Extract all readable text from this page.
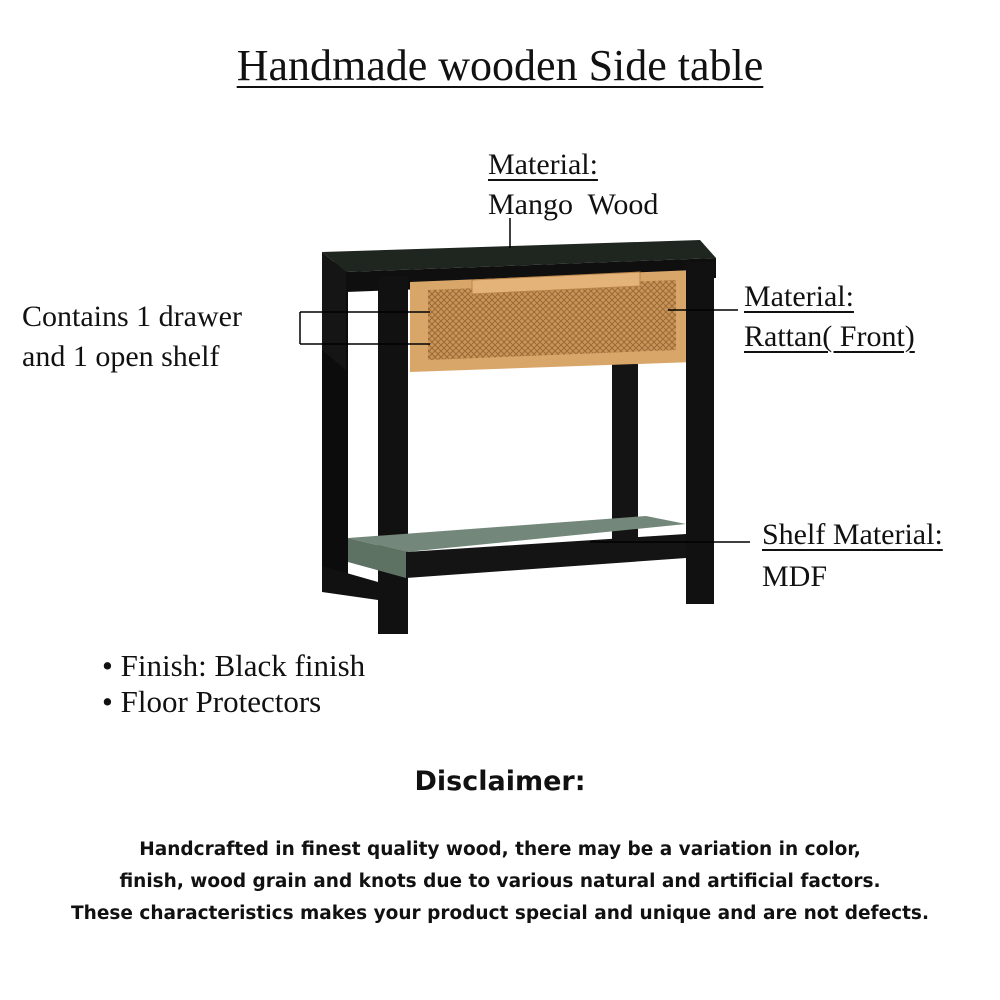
Handmade wooden Side table
Material:
Mango  Wood
Contains 1 drawer
and 1 open shelf
Material:
Rattan( Front)
Shelf Material:
MDF
• Finish: Black finish
• Floor Protectors
Disclaimer:
Handcrafted in finest quality wood, there may be a variation in color,
finish, wood grain and knots due to various natural and artificial factors.
These characteristics makes your product special and unique and are not defects.
